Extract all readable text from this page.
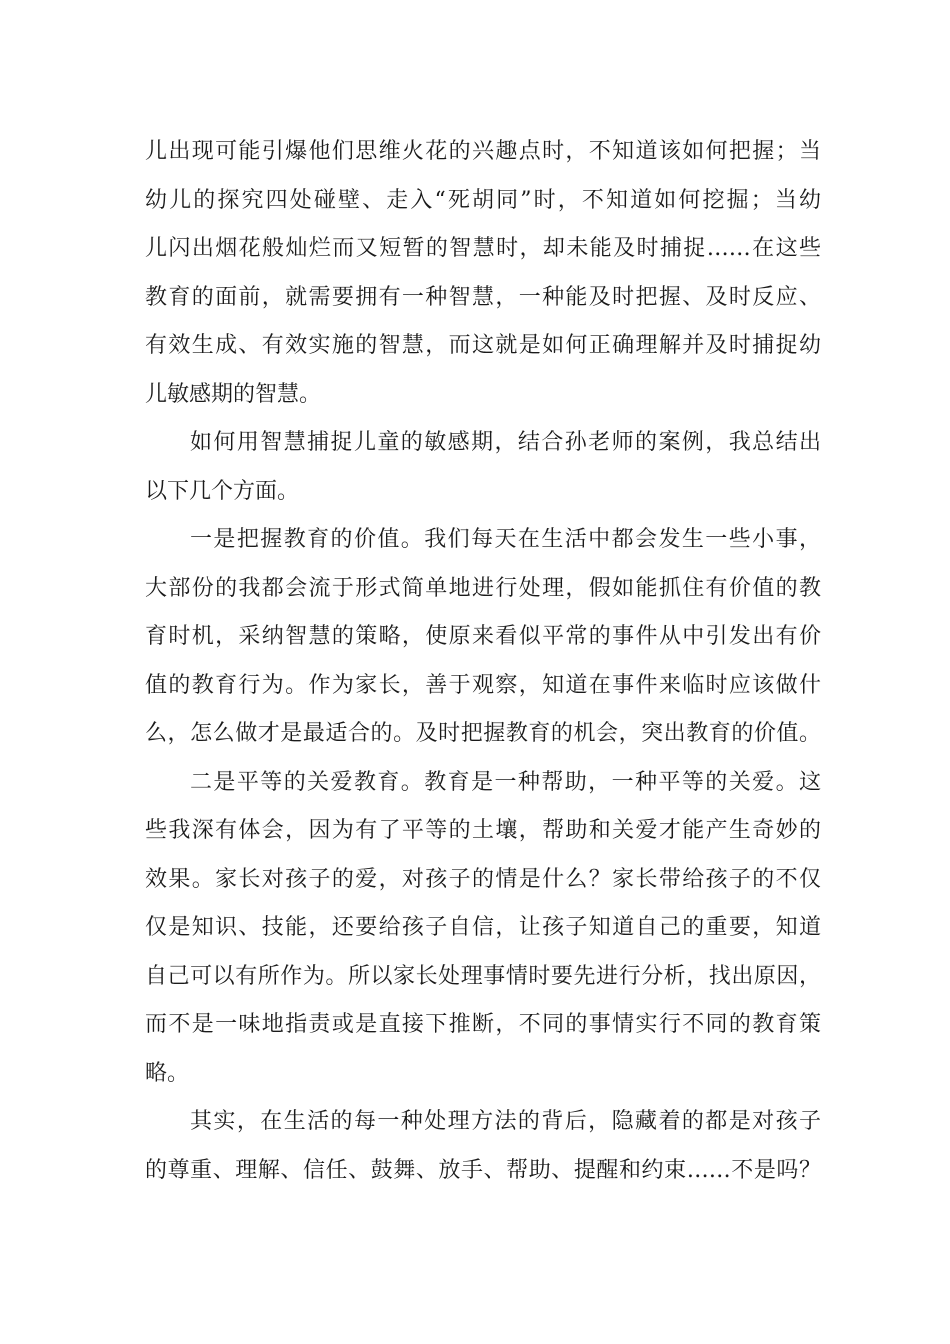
儿出现可能引爆他们思维火花的兴趣点时，不知道该如何把握；当
幼儿的探究四处碰壁、走入“死胡同”时，不知道如何挖掘；当幼
儿闪出烟花般灿烂而又短暂的智慧时，却未能及时捕捉……在这些
教育的面前，就需要拥有一种智慧，一种能及时把握、及时反应、
有效生成、有效实施的智慧，而这就是如何正确理解并及时捕捉幼
儿敏感期的智慧。
如何用智慧捕捉儿童的敏感期，结合孙老师的案例，我总结出
以下几个方面。
一是把握教育的价值。我们每天在生活中都会发生一些小事，
大部份的我都会流于形式简单地进行处理，假如能抓住有价值的教
育时机，采纳智慧的策略，使原来看似平常的事件从中引发出有价
值的教育行为。作为家长，善于观察，知道在事件来临时应该做什
么，怎么做才是最适合的。及时把握教育的机会，突出教育的价值。
二是平等的关爱教育。教育是一种帮助，一种平等的关爱。这
些我深有体会，因为有了平等的土壤，帮助和关爱才能产生奇妙的
效果。家长对孩子的爱，对孩子的情是什么？家长带给孩子的不仅
仅是知识、技能，还要给孩子自信，让孩子知道自己的重要，知道
自己可以有所作为。所以家长处理事情时要先进行分析，找出原因，
而不是一味地指责或是直接下推断，不同的事情实行不同的教育策
略。
其实，在生活的每一种处理方法的背后，隐藏着的都是对孩子
的尊重、理解、信任、鼓舞、放手、帮助、提醒和约束……不是吗？
